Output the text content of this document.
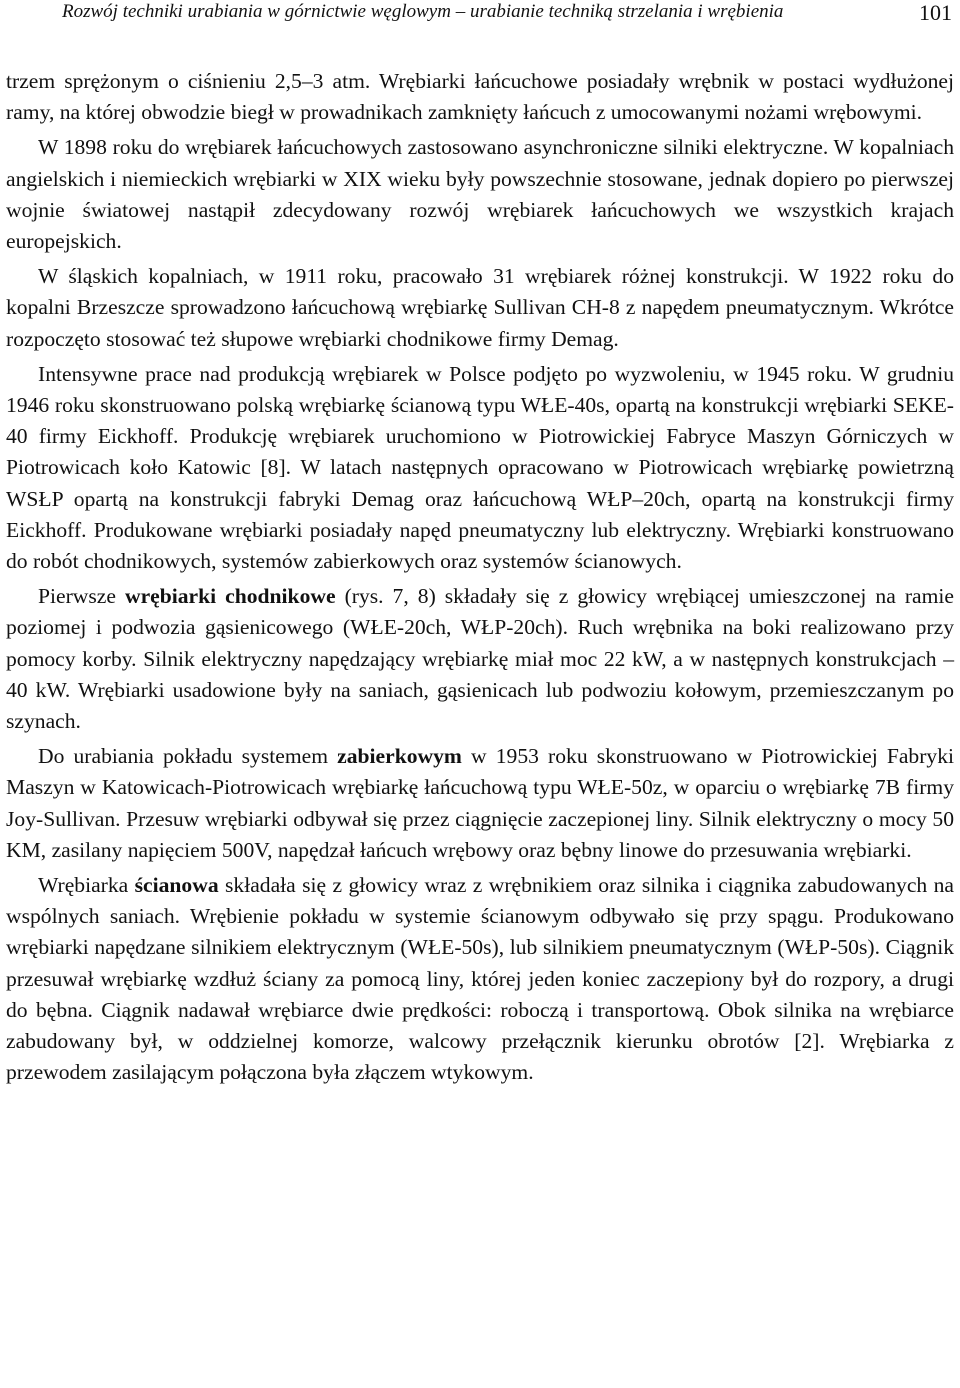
Rozwój techniki urabiania w górnictwie węglowym – urabianie techniką strzelania i wrębienia	101

trzem sprężonym o ciśnieniu 2,5–3 atm. Wrębiarki łańcuchowe posiadały wrębnik w postaci wydłużonej ramy, na której obwodzie biegł w prowadnikach zamknięty łańcuch z umocowanymi nożami wrębowymi.

W 1898 roku do wrębiarek łańcuchowych zastosowano asynchroniczne silniki elektryczne. W kopalniach angielskich i niemieckich wrębiarki w XIX wieku były powszechnie stosowane, jednak dopiero po pierwszej wojnie światowej nastąpił zdecydowany rozwój wrębiarek łańcuchowych we wszystkich krajach europejskich.

W śląskich kopalniach, w 1911 roku, pracowało 31 wrębiarek różnej konstrukcji. W 1922 roku do kopalni Brzeszcze sprowadzono łańcuchową wrębiarkę Sullivan CH-8 z napędem pneumatycznym. Wkrótce rozpoczęto stosować też słupowe wrębiarki chodnikowe firmy Demag.

Intensywne prace nad produkcją wrębiarek w Polsce podjęto po wyzwoleniu, w 1945 roku. W grudniu 1946 roku skonstruowano polską wrębiarkę ścianową typu WŁE-40s, opartą na konstrukcji wrębiarki SEKE-40 firmy Eickhoff. Produkcję wrębiarek uruchomiono w Piotrowickiej Fabryce Maszyn Górniczych w Piotrowicach koło Katowic [8]. W latach następnych opracowano w Piotrowicach wrębiarkę powietrzną WSŁP opartą na konstrukcji fabryki Demag oraz łańcuchową WŁP–20ch, opartą na konstrukcji firmy Eickhoff. Produkowane wrębiarki posiadały napęd pneumatyczny lub elektryczny. Wrębiarki konstruowano do robót chodnikowych, systemów zabierkowych oraz systemów ścianowych.

Pierwsze wrębiarki chodnikowe (rys. 7, 8) składały się z głowicy wrębiącej umieszczonej na ramie poziomej i podwozia gąsienicowego (WŁE-20ch, WŁP-20ch). Ruch wrębnika na boki realizowano przy pomocy korby. Silnik elektryczny napędzający wrębiarkę miał moc 22 kW, a w następnych konstrukcjach – 40 kW. Wrębiarki usadowione były na saniach, gąsienicach lub podwoziu kołowym, przemieszczanym po szynach.

Do urabiania pokładu systemem zabierkowym w 1953 roku skonstruowano w Piotrowickiej Fabryki Maszyn w Katowicach-Piotrowicach wrębiarkę łańcuchową typu WŁE-50z, w oparciu o wrębiarkę 7B firmy Joy-Sullivan. Przesuw wrębiarki odbywał się przez ciągnięcie zaczepionej liny. Silnik elektryczny o mocy 50 KM, zasilany napięciem 500V, napędzał łańcuch wrębowy oraz bębny linowe do przesuwania wrębiarki.

Wrębiarka ścianowa składała się z głowicy wraz z wrębnikiem oraz silnika i ciągnika zabudowanych na wspólnych saniach. Wrębienie pokładu w systemie ścianowym odbywało się przy spągu. Produkowano wrębiarki napędzane silnikiem elektrycznym (WŁE-50s), lub silnikiem pneumatycznym (WŁP-50s). Ciągnik przesuwał wrębiarkę wzdłuż ściany za pomocą liny, której jeden koniec zaczepiony był do rozpory, a drugi do bębna. Ciągnik nadawał wrębiarce dwie prędkości: roboczą i transportową. Obok silnika na wrębiarce zabudowany był, w oddzielnej komorze, walcowy przełącznik kierunku obrotów [2]. Wrębiarka z przewodem zasilającym połączona była złączem wtykowym.
